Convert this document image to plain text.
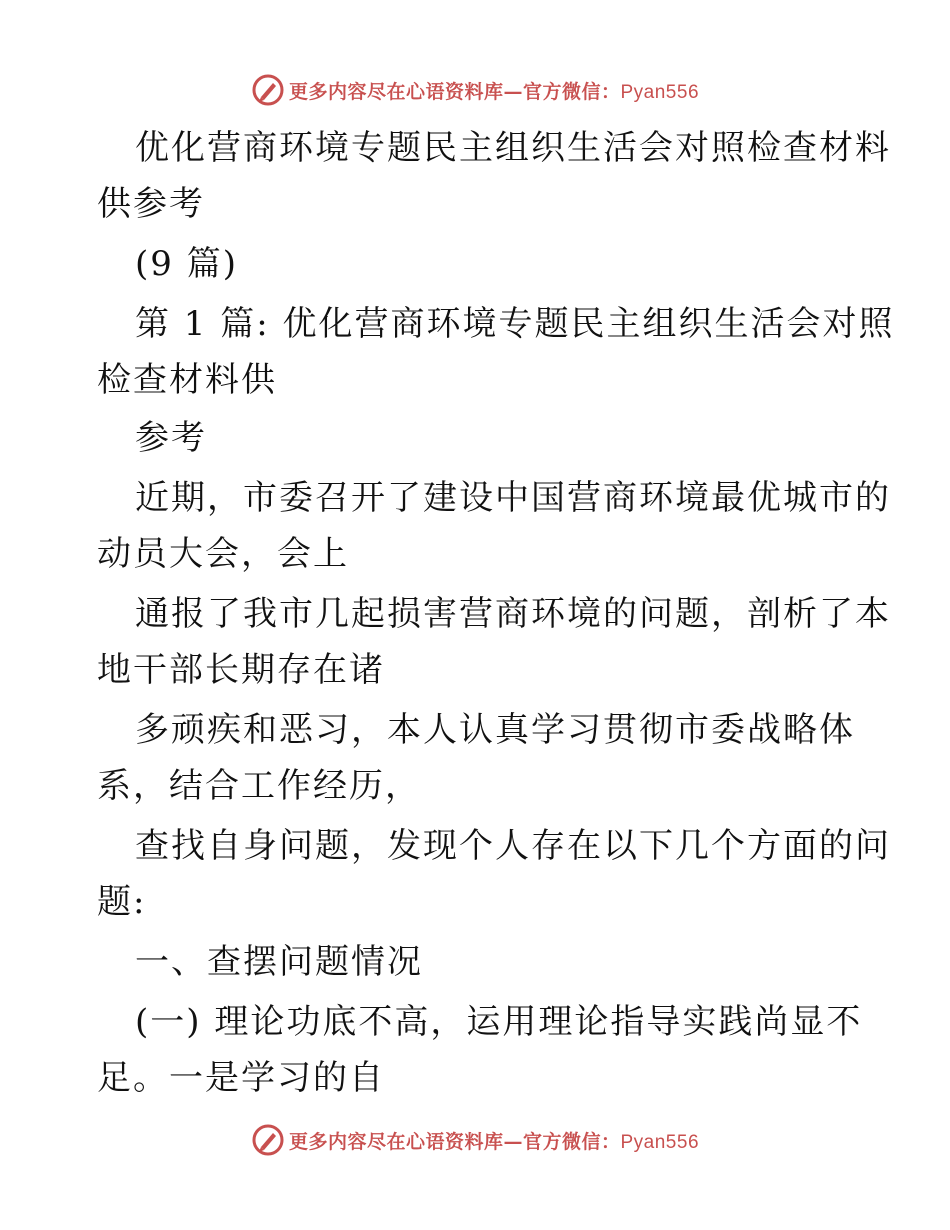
更多内容尽在心语资料库—官方微信：Pyan556
优化营商环境专题民主组织生活会对照检查材料
供参考
(9 篇)
第 1 篇: 优化营商环境专题民主组织生活会对照
检查材料供
参考
近期，市委召开了建设中国营商环境最优城市的
动员大会，会上
通报了我市几起损害营商环境的问题，剖析了本
地干部长期存在诸
多顽疾和恶习，本人认真学习贯彻市委战略体
系，结合工作经历，
查找自身问题，发现个人存在以下几个方面的问
题:
一、查摆问题情况
(一) 理论功底不高，运用理论指导实践尚显不
足。一是学习的自
更多内容尽在心语资料库—官方微信：Pyan556
